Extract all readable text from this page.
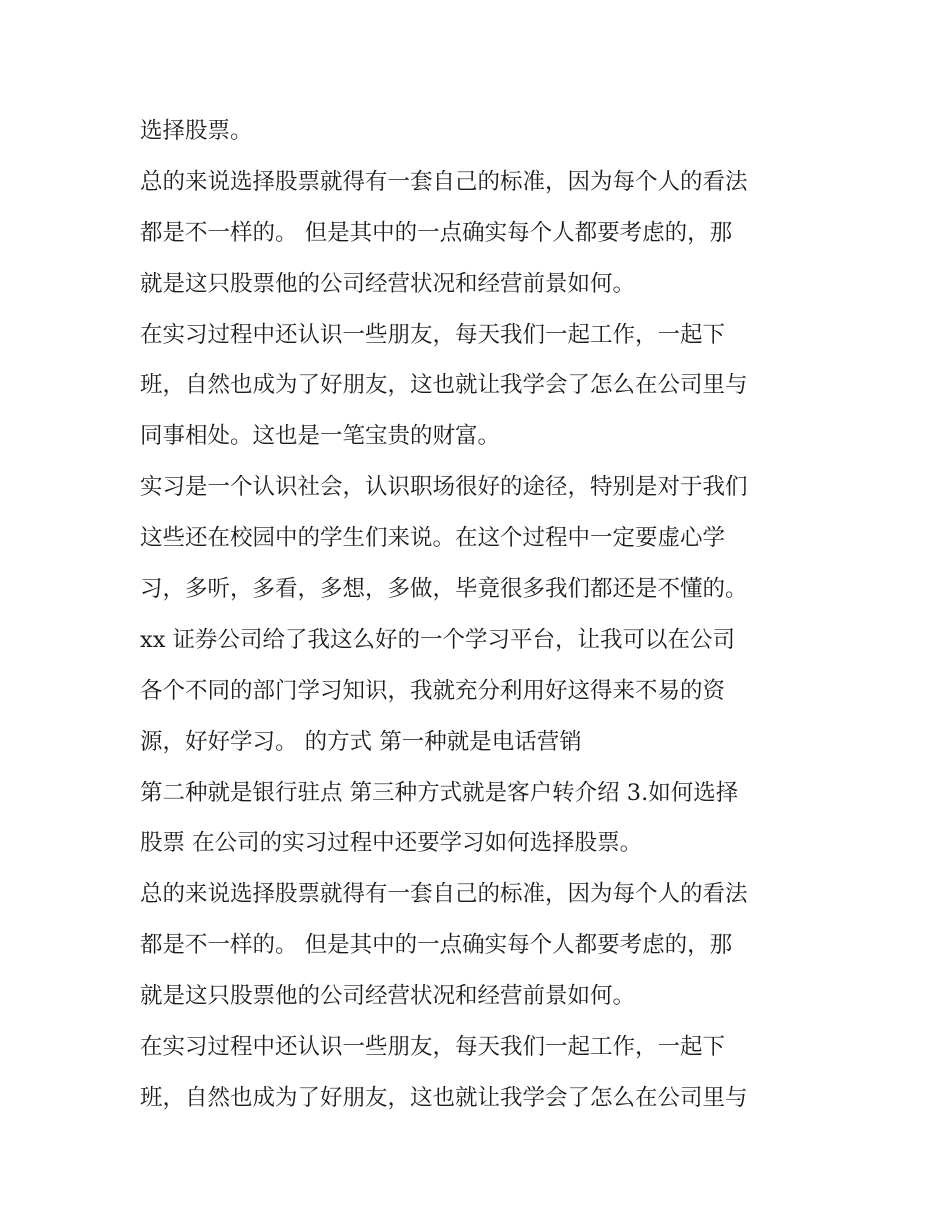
选择股票。
总的来说选择股票就得有一套自己的标准，因为每个人的看法
都是不一样的。 但是其中的一点确实每个人都要考虑的，那
就是这只股票他的公司经营状况和经营前景如何。
在实习过程中还认识一些朋友，每天我们一起工作，一起下
班，自然也成为了好朋友，这也就让我学会了怎么在公司里与
同事相处。这也是一笔宝贵的财富。
实习是一个认识社会，认识职场很好的途径，特别是对于我们
这些还在校园中的学生们来说。在这个过程中一定要虚心学
习，多听，多看，多想，多做，毕竟很多我们都还是不懂的。
xx 证券公司给了我这么好的一个学习平台，让我可以在公司
各个不同的部门学习知识，我就充分利用好这得来不易的资
源，好好学习。 的方式 第一种就是电话营销
第二种就是银行驻点 第三种方式就是客户转介绍 3.如何选择
股票 在公司的实习过程中还要学习如何选择股票。
总的来说选择股票就得有一套自己的标准，因为每个人的看法
都是不一样的。 但是其中的一点确实每个人都要考虑的，那
就是这只股票他的公司经营状况和经营前景如何。
在实习过程中还认识一些朋友，每天我们一起工作，一起下
班，自然也成为了好朋友，这也就让我学会了怎么在公司里与
